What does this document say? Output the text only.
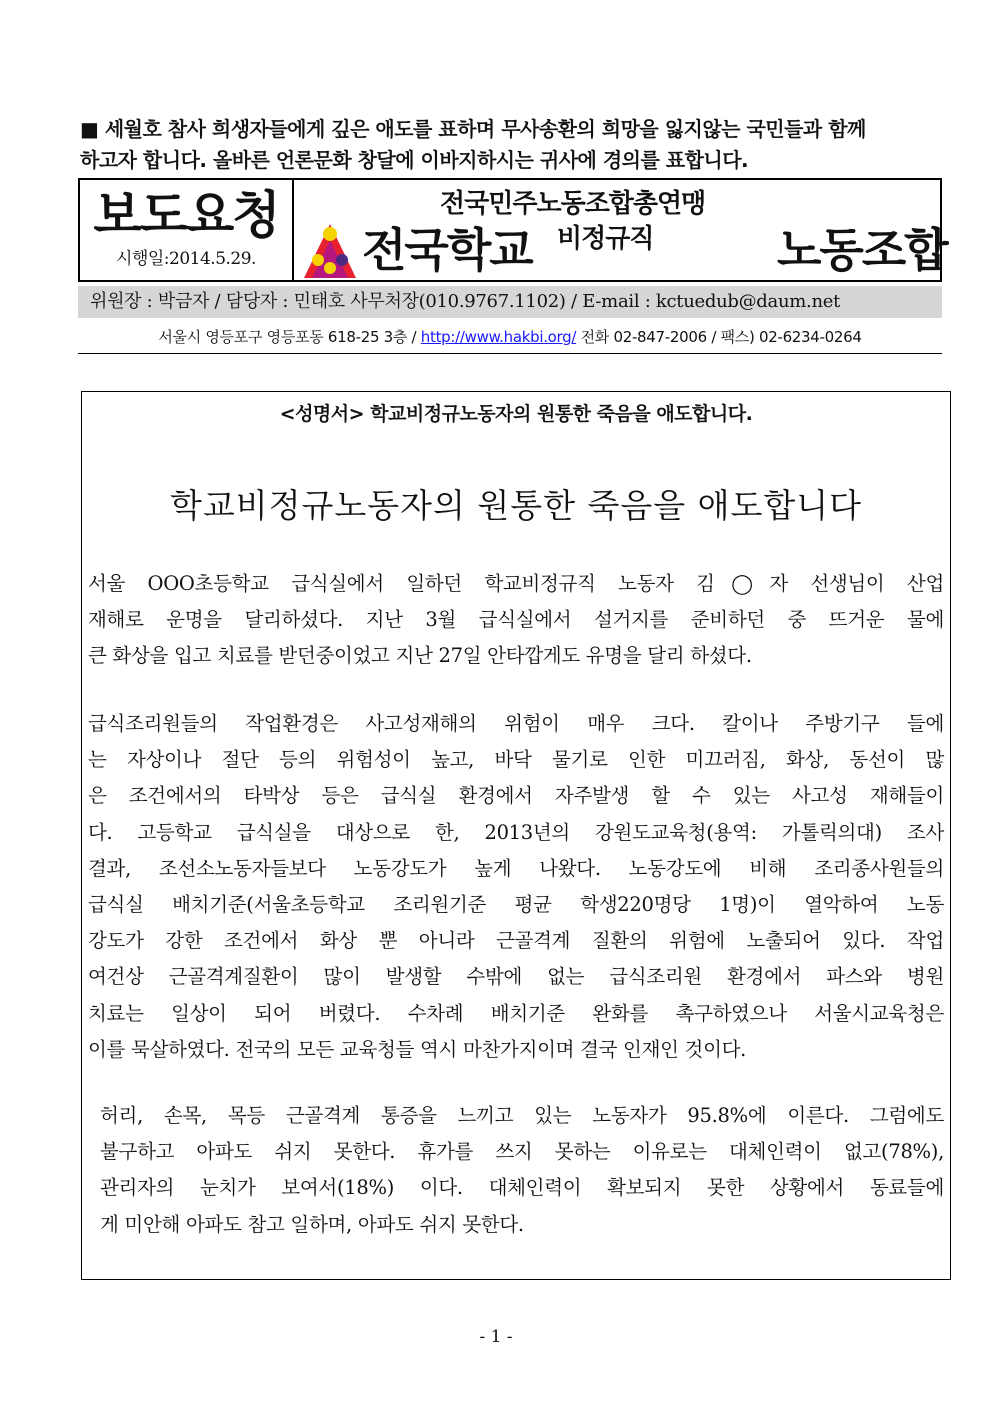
■ 세월호 참사 희생자들에게 깊은 애도를 표하며 무사송환의 희망을 잃지않는 국민들과 함께
하고자 합니다. 올바른 언론문화 창달에 이바지하시는 귀사에 경의를 표합니다.
보도요청
시행일:2014.5.29.
전국민주노동조합총연맹
전국학교 비정규직	노동조합
위원장 : 박금자 / 담당자 : 민태호 사무처장(010.9767.1102) / E-mail : kctuedub@daum.net
서울시 영등포구 영등포동 618-25 3층 / http://www.hakbi.org/ 전화 02-847-2006 / 팩스) 02-6234-0264
<성명서> 학교비정규노동자의 원통한 죽음을 애도합니다.
학교비정규노동자의 원통한 죽음을 애도합니다
서울 OOO초등학교 급식실에서 일하던 학교비정규직 노동자 김◯자 선생님이 산업
재해로 운명을 달리하셨다. 지난 3월 급식실에서 설거지를 준비하던 중 뜨거운 물에
큰 화상을 입고 치료를 받던중이었고 지난 27일 안타깝게도 유명을 달리 하셨다.
급식조리원들의 작업환경은 사고성재해의 위험이 매우 크다. 칼이나 주방기구 들에
는 자상이나 절단 등의 위험성이 높고, 바닥 물기로 인한 미끄러짐, 화상, 동선이 많
은 조건에서의 타박상 등은 급식실 환경에서 자주발생 할 수 있는 사고성 재해들이
다. 고등학교 급식실을 대상으로 한, 2013년의 강원도교육청(용역: 가톨릭의대) 조사
결과, 조선소노동자들보다 노동강도가 높게 나왔다. 노동강도에 비해 조리종사원들의
급식실 배치기준(서울초등학교 조리원기준 평균 학생220명당 1명)이 열악하여 노동
강도가 강한 조건에서 화상 뿐 아니라 근골격계 질환의 위험에 노출되어 있다. 작업
여건상 근골격계질환이 많이 발생할 수밖에 없는 급식조리원 환경에서 파스와 병원
치료는 일상이 되어 버렸다. 수차례 배치기준 완화를 촉구하였으나 서울시교육청은
이를 묵살하였다. 전국의 모든 교육청들 역시 마찬가지이며 결국 인재인 것이다.
허리, 손목, 목등 근골격계 통증을 느끼고 있는 노동자가 95.8%에 이른다. 그럼에도
불구하고 아파도 쉬지 못한다. 휴가를 쓰지 못하는 이유로는 대체인력이 없고(78%),
관리자의 눈치가 보여서(18%) 이다. 대체인력이 확보되지 못한 상황에서 동료들에
게 미안해 아파도 참고 일하며, 아파도 쉬지 못한다.
- 1 -
